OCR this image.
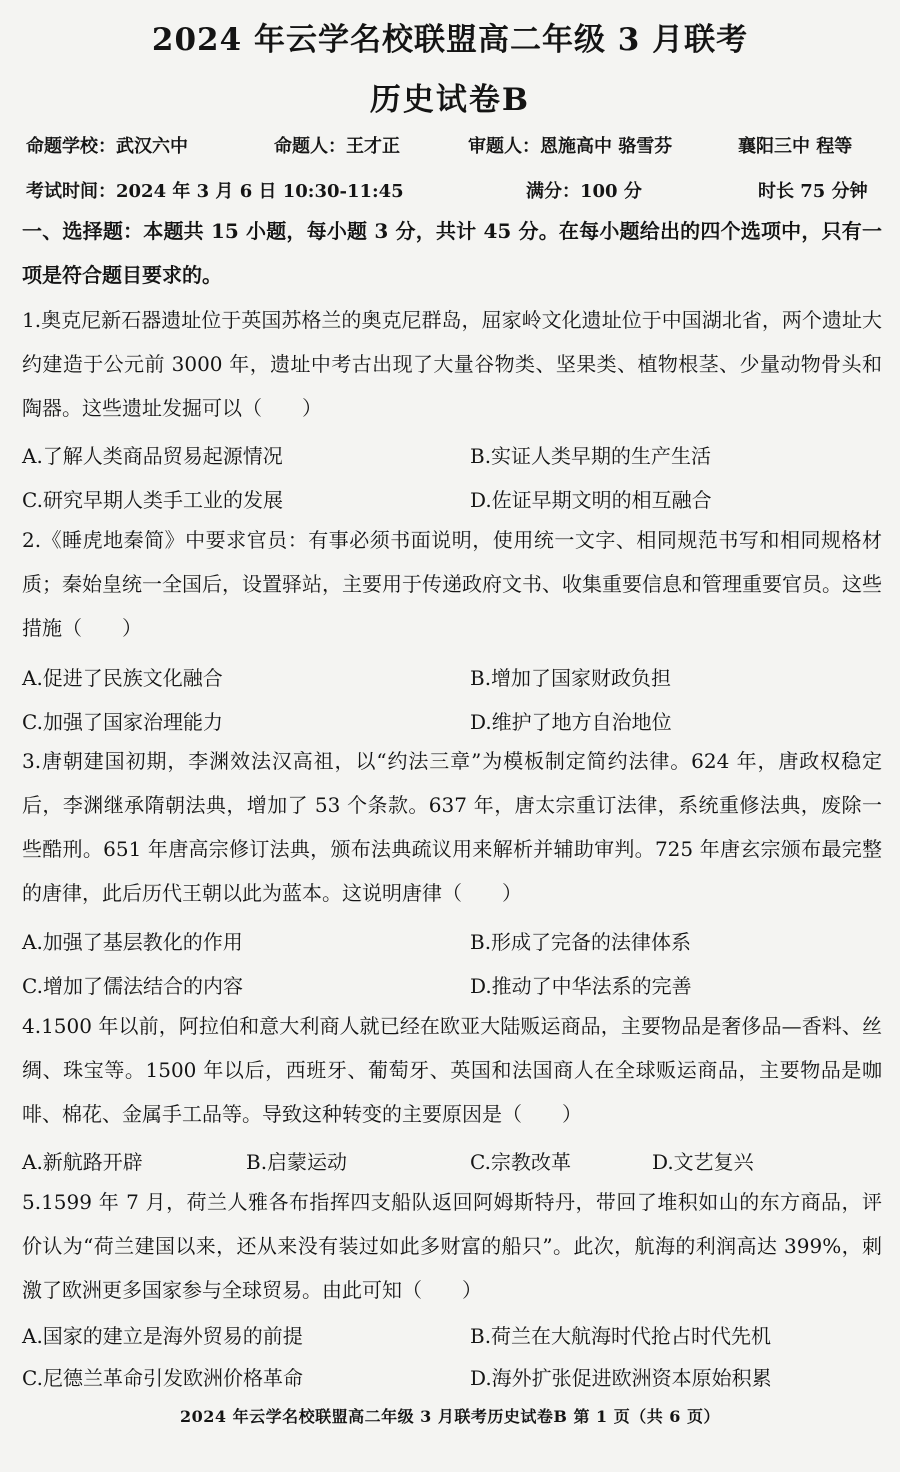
2024 年云学名校联盟高二年级 3 月联考
历史试卷B
命题学校：武汉六中	命题人：王才正	审题人：恩施高中 骆雪芬	襄阳三中 程等
考试时间：2024 年 3 月 6 日 10:30-11:45	满分：100 分	时长 75 分钟

一、选择题：本题共 15 小题，每小题 3 分，共计 45 分。在每小题给出的四个选项中，只有一项是符合题目要求的。

1.奥克尼新石器遗址位于英国苏格兰的奥克尼群岛，屈家岭文化遗址位于中国湖北省，两个遗址大约建造于公元前 3000 年，遗址中考古出现了大量谷物类、坚果类、植物根茎、少量动物骨头和陶器。这些遗址发掘可以（　　）

A.了解人类商品贸易起源情况	B.实证人类早期的生产生活
C.研究早期人类手工业的发展	D.佐证早期文明的相互融合

2.《睡虎地秦简》中要求官员：有事必须书面说明，使用统一文字、相同规范书写和相同规格材质；秦始皇统一全国后，设置驿站，主要用于传递政府文书、收集重要信息和管理重要官员。这些措施（　　）

A.促进了民族文化融合	B.增加了国家财政负担
C.加强了国家治理能力	D.维护了地方自治地位

3.唐朝建国初期，李渊效法汉高祖，以“约法三章”为模板制定简约法律。624 年，唐政权稳定后，李渊继承隋朝法典，增加了 53 个条款。637 年，唐太宗重订法律，系统重修法典，废除一些酷刑。651 年唐高宗修订法典，颁布法典疏议用来解析并辅助审判。725 年唐玄宗颁布最完整的唐律，此后历代王朝以此为蓝本。这说明唐律（　　）

A.加强了基层教化的作用	B.形成了完备的法律体系
C.增加了儒法结合的内容	D.推动了中华法系的完善

4.1500 年以前，阿拉伯和意大利商人就已经在欧亚大陆贩运商品，主要物品是奢侈品—香料、丝绸、珠宝等。1500 年以后，西班牙、葡萄牙、英国和法国商人在全球贩运商品，主要物品是咖啡、棉花、金属手工品等。导致这种转变的主要原因是（　　）

A.新航路开辟	B.启蒙运动	C.宗教改革	D.文艺复兴

5.1599 年 7 月，荷兰人雅各布指挥四支船队返回阿姆斯特丹，带回了堆积如山的东方商品，评价认为“荷兰建国以来，还从来没有装过如此多财富的船只”。此次，航海的利润高达 399%，刺激了欧洲更多国家参与全球贸易。由此可知（　　）

A.国家的建立是海外贸易的前提	B.荷兰在大航海时代抢占时代先机
C.尼德兰革命引发欧洲价格革命	D.海外扩张促进欧洲资本原始积累
2024 年云学名校联盟高二年级 3 月联考历史试卷B 第 1 页（共 6 页）
